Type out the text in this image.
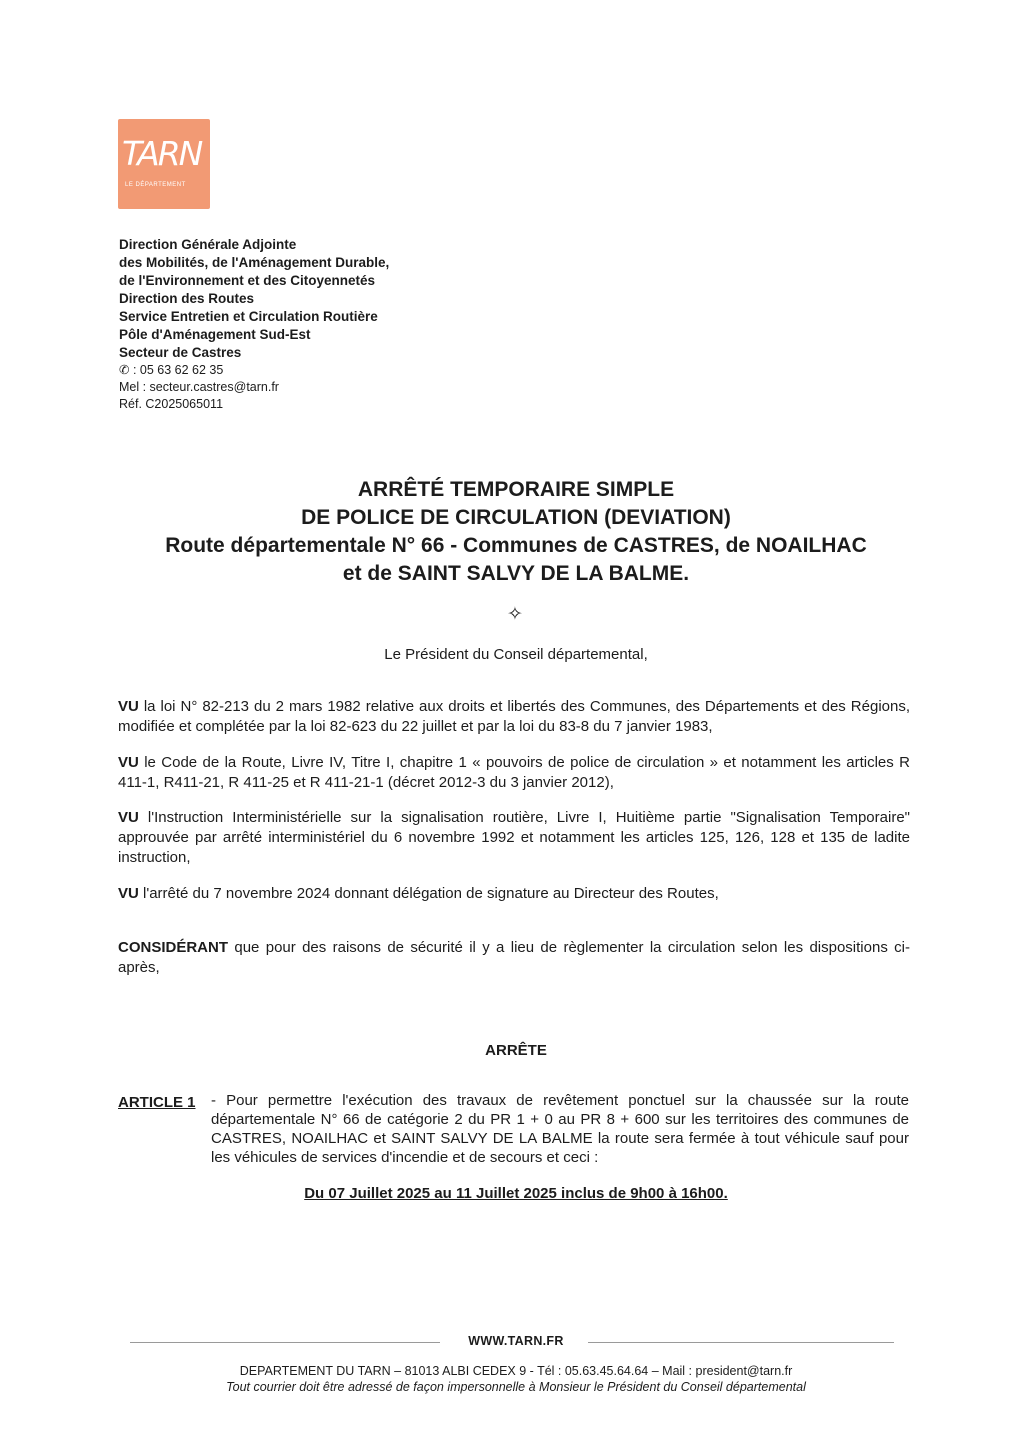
TARN
LE DÉPARTEMENT
Direction Générale Adjointe
des Mobilités, de l'Aménagement Durable,
de l'Environnement et des Citoyennetés
Direction des Routes
Service Entretien et Circulation Routière
Pôle d'Aménagement Sud-Est
Secteur de Castres
✆ : 05 63 62 62 35
Mel : secteur.castres@tarn.fr
Réf. C2025065011
ARRÊTÉ TEMPORAIRE SIMPLE
DE POLICE DE CIRCULATION (DEVIATION)
Route départementale N° 66 - Communes de CASTRES, de NOAILHAC
et de SAINT SALVY DE LA BALME.
✧
Le Président du Conseil départemental,

VU la loi N° 82-213 du 2 mars 1982 relative aux droits et libertés des Communes, des Départements et des Régions, modifiée et complétée par la loi 82-623 du 22 juillet et par la loi du 83-8 du 7 janvier 1983,

VU le Code de la Route, Livre IV, Titre I, chapitre 1 « pouvoirs de police de circulation » et notamment les articles R 411-1, R411-21, R 411-25 et R 411-21-1 (décret 2012-3 du 3 janvier 2012),

VU l'Instruction Interministérielle sur la signalisation routière, Livre I, Huitième partie "Signalisation Temporaire" approuvée par arrêté interministériel du 6 novembre 1992 et notamment les articles 125, 126, 128 et 135 de ladite instruction,

VU l'arrêté du 7 novembre 2024 donnant délégation de signature au Directeur des Routes,

CONSIDÉRANT que pour des raisons de sécurité il y a lieu de règlementer la circulation selon les dispositions ci-après,

ARRÊTE
ARTICLE 1 - Pour permettre l'exécution des travaux de revêtement ponctuel sur la chaussée sur la route départementale N° 66 de catégorie 2 du PR 1 + 0 au PR 8 + 600 sur les territoires des communes de CASTRES, NOAILHAC et SAINT SALVY DE LA BALME la route sera fermée à tout véhicule sauf pour les véhicules de services d'incendie et de secours et ceci :

Du 07 Juillet 2025 au 11 Juillet 2025 inclus de 9h00 à 16h00.
WWW.TARN.FR
DEPARTEMENT DU TARN – 81013 ALBI CEDEX 9 - Tél : 05.63.45.64.64 – Mail : president@tarn.fr
Tout courrier doit être adressé de façon impersonnelle à Monsieur le Président du Conseil départemental
